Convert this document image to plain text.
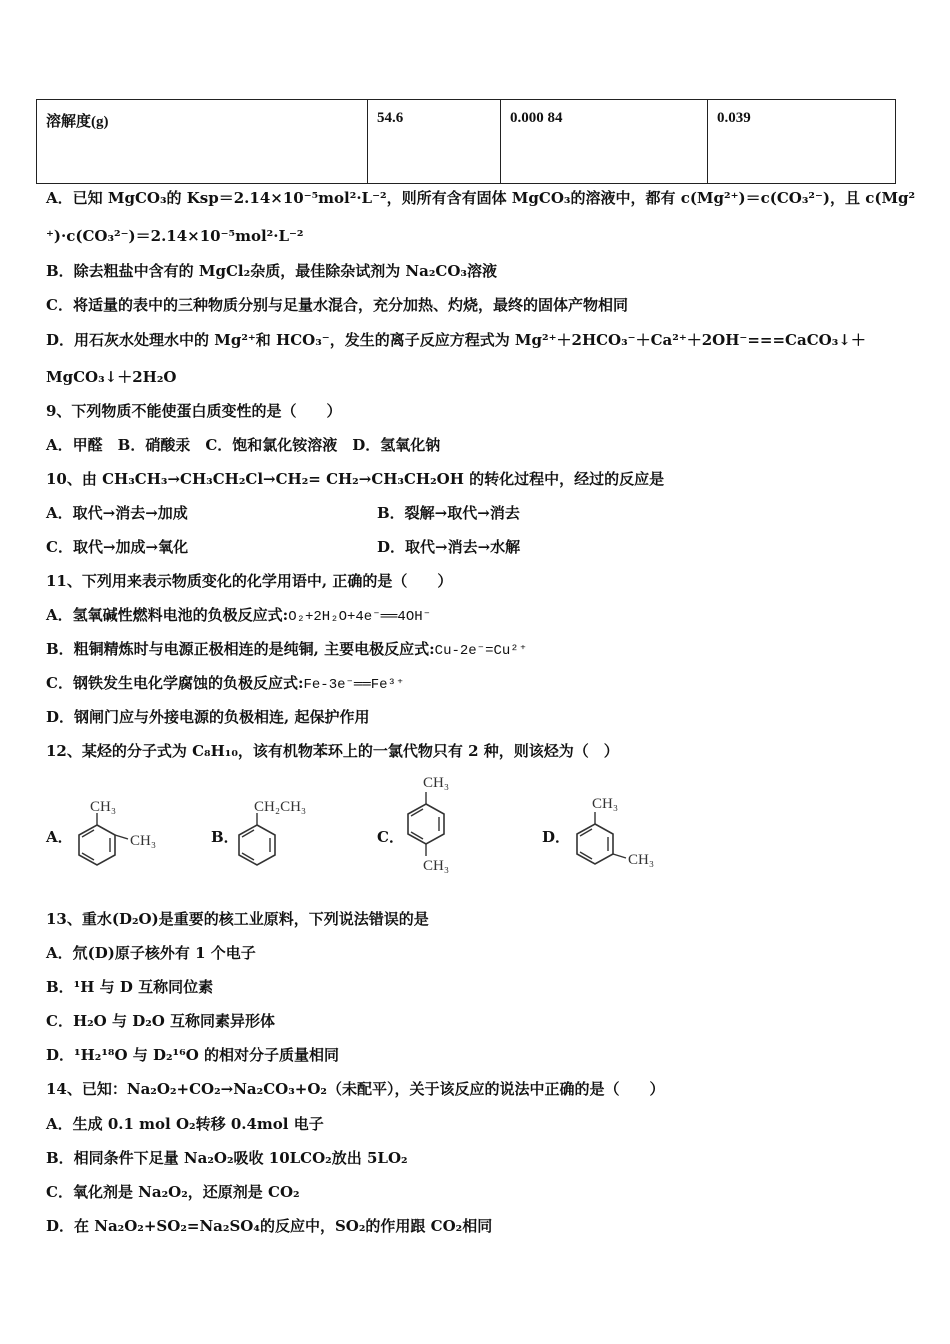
溶解度(g)	54.6	0.000 84	0.039
A．已知 MgCO₃的 Ksp＝2.14×10⁻⁵mol²·L⁻²，则所有含有固体 MgCO₃的溶液中，都有 c(Mg²⁺)＝c(CO₃²⁻)，且 c(Mg²
⁺)·c(CO₃²⁻)＝2.14×10⁻⁵mol²·L⁻²
B．除去粗盐中含有的 MgCl₂杂质，最佳除杂试剂为 Na₂CO₃溶液
C．将适量的表中的三种物质分别与足量水混合，充分加热、灼烧，最终的固体产物相同
D．用石灰水处理水中的 Mg²⁺和 HCO₃⁻，发生的离子反应方程式为 Mg²⁺＋2HCO₃⁻＋Ca²⁺＋2OH⁻===CaCO₃↓＋
MgCO₃↓＋2H₂O
9、下列物质不能使蛋白质变性的是（　　）
A．甲醛　B．硝酸汞　C．饱和氯化铵溶液　D．氢氧化钠
10、由 CH₃CH₃→CH₃CH₂Cl→CH₂= CH₂→CH₃CH₂OH 的转化过程中，经过的反应是
A．取代→消去→加成	B．裂解→取代→消去
C．取代→加成→氧化	D．取代→消去→水解
11、下列用来表示物质变化的化学用语中, 正确的是（　　）
A．氢氧碱性燃料电池的负极反应式:O₂+2H₂O+4e⁻══4OH⁻
B．粗铜精炼时与电源正极相连的是纯铜, 主要电极反应式:Cu-2e⁻=Cu²⁺
C．钢铁发生电化学腐蚀的负极反应式:Fe-3e⁻══Fe³⁺
D．钢闸门应与外接电源的负极相连, 起保护作用
12、某烃的分子式为 C₈H₁₀，该有机物苯环上的一氯代物只有 2 种，则该烃为（　）
A．
CH₃
CH₃	B．
CH₂CH₃
C．
CH₃
CH₃
D．
CH₃
CH₃
13、重水(D₂O)是重要的核工业原料，下列说法错误的是
A．氘(D)原子核外有 1 个电子
B．¹H 与 D 互称同位素
C．H₂O 与 D₂O 互称同素异形体
D．¹H₂¹⁸O 与 D₂¹⁶O 的相对分子质量相同
14、已知：Na₂O₂+CO₂→Na₂CO₃+O₂（未配平），关于该反应的说法中正确的是（　　）
A．生成 0.1 mol O₂转移 0.4mol 电子
B．相同条件下足量 Na₂O₂吸收 10LCO₂放出 5LO₂
C．氧化剂是 Na₂O₂，还原剂是 CO₂
D．在 Na₂O₂+SO₂=Na₂SO₄的反应中，SO₂的作用跟 CO₂相同
